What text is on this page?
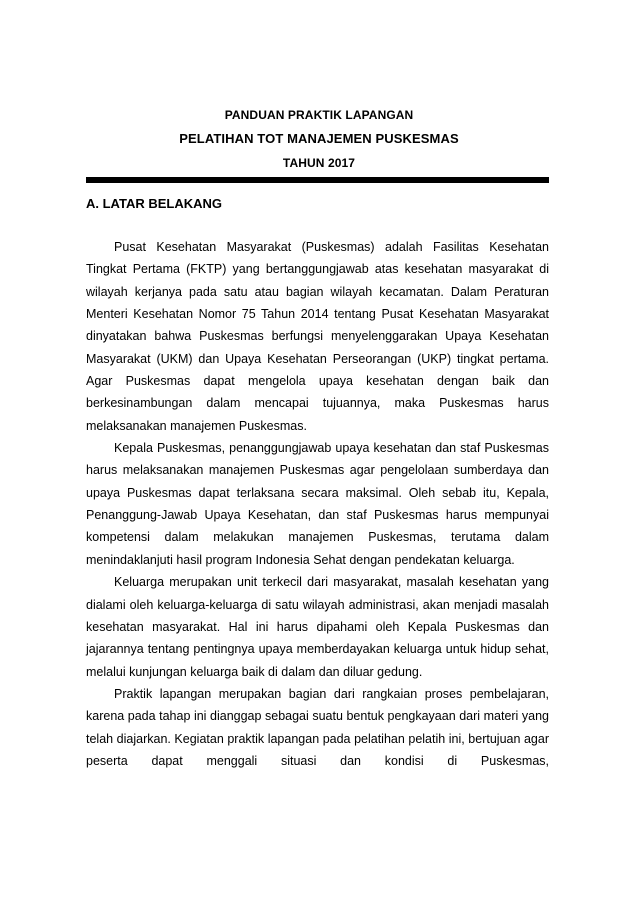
PANDUAN PRAKTIK LAPANGAN
PELATIHAN TOT MANAJEMEN PUSKESMAS
TAHUN 2017
A. LATAR BELAKANG

Pusat Kesehatan Masyarakat (Puskesmas) adalah Fasilitas Kesehatan Tingkat Pertama (FKTP) yang bertanggungjawab atas kesehatan masyarakat di wilayah kerjanya pada satu atau bagian wilayah kecamatan. Dalam Peraturan Menteri Kesehatan Nomor 75 Tahun 2014 tentang Pusat Kesehatan Masyarakat dinyatakan bahwa Puskesmas berfungsi menyelenggarakan Upaya Kesehatan Masyarakat (UKM) dan Upaya Kesehatan Perseorangan (UKP) tingkat pertama. Agar Puskesmas dapat mengelola upaya kesehatan dengan baik dan berkesinambungan dalam mencapai tujuannya, maka Puskesmas harus melaksanakan manajemen Puskesmas.

Kepala Puskesmas, penanggungjawab upaya kesehatan dan staf Puskesmas harus melaksanakan manajemen Puskesmas agar pengelolaan sumberdaya dan upaya Puskesmas dapat terlaksana secara maksimal. Oleh sebab itu, Kepala, Penanggung-Jawab Upaya Kesehatan, dan staf Puskesmas harus mempunyai kompetensi dalam melakukan manajemen Puskesmas, terutama dalam menindaklanjuti hasil program Indonesia Sehat dengan pendekatan keluarga.

Keluarga merupakan unit terkecil dari masyarakat, masalah kesehatan yang dialami oleh keluarga-keluarga di satu wilayah administrasi, akan menjadi masalah kesehatan masyarakat. Hal ini harus dipahami oleh Kepala Puskesmas dan jajarannya tentang pentingnya upaya memberdayakan keluarga untuk hidup sehat, melalui kunjungan keluarga baik di dalam dan diluar gedung.

Praktik lapangan merupakan bagian dari rangkaian proses pembelajaran, karena pada tahap ini dianggap sebagai suatu bentuk pengkayaan dari materi yang telah diajarkan. Kegiatan praktik lapangan pada pelatihan pelatih ini, bertujuan agar peserta dapat menggali situasi dan kondisi di Puskesmas,
